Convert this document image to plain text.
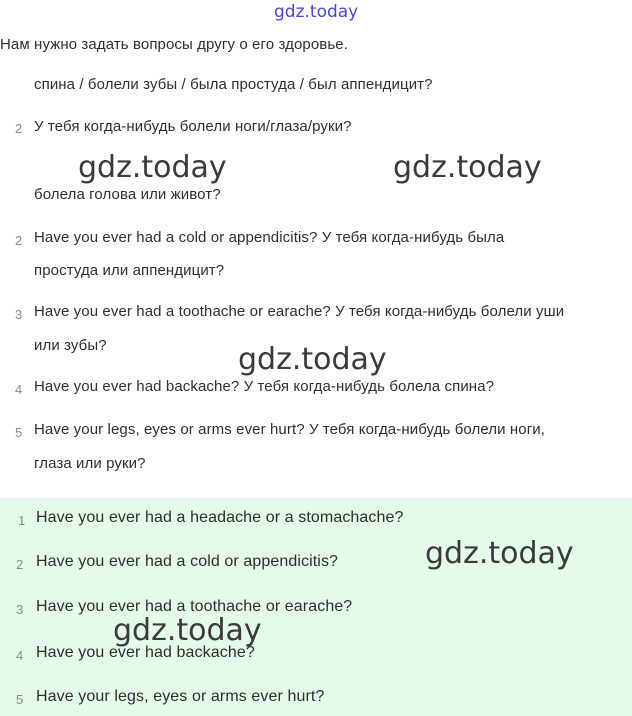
gdz.today
Нам нужно задать вопросы другу о его здоровье.
спина / болели зубы / была простуда / был аппендицит?
2 У тебя когда-нибудь болели ноги/глаза/руки?
болела голова или живот?
2 Have you ever had a cold or appendicitis? У тебя когда-нибудь была
простуда или аппендицит?
3 Have you ever had a toothache or earache? У тебя когда-нибудь болели уши
или зубы?
4 Have you ever had backache? У тебя когда-нибудь болела спина?
5 Have your legs, eyes or arms ever hurt? У тебя когда-нибудь болели ноги,
глаза или руки?
1 Have you ever had a headache or a stomachache?
2 Have you ever had a cold or appendicitis?
3 Have you ever had a toothache or earache?
4 Have you ever had backache?
5 Have your legs, eyes or arms ever hurt?
gdz.today	gdz.today
gdz.today
gdz.today
gdz.today
